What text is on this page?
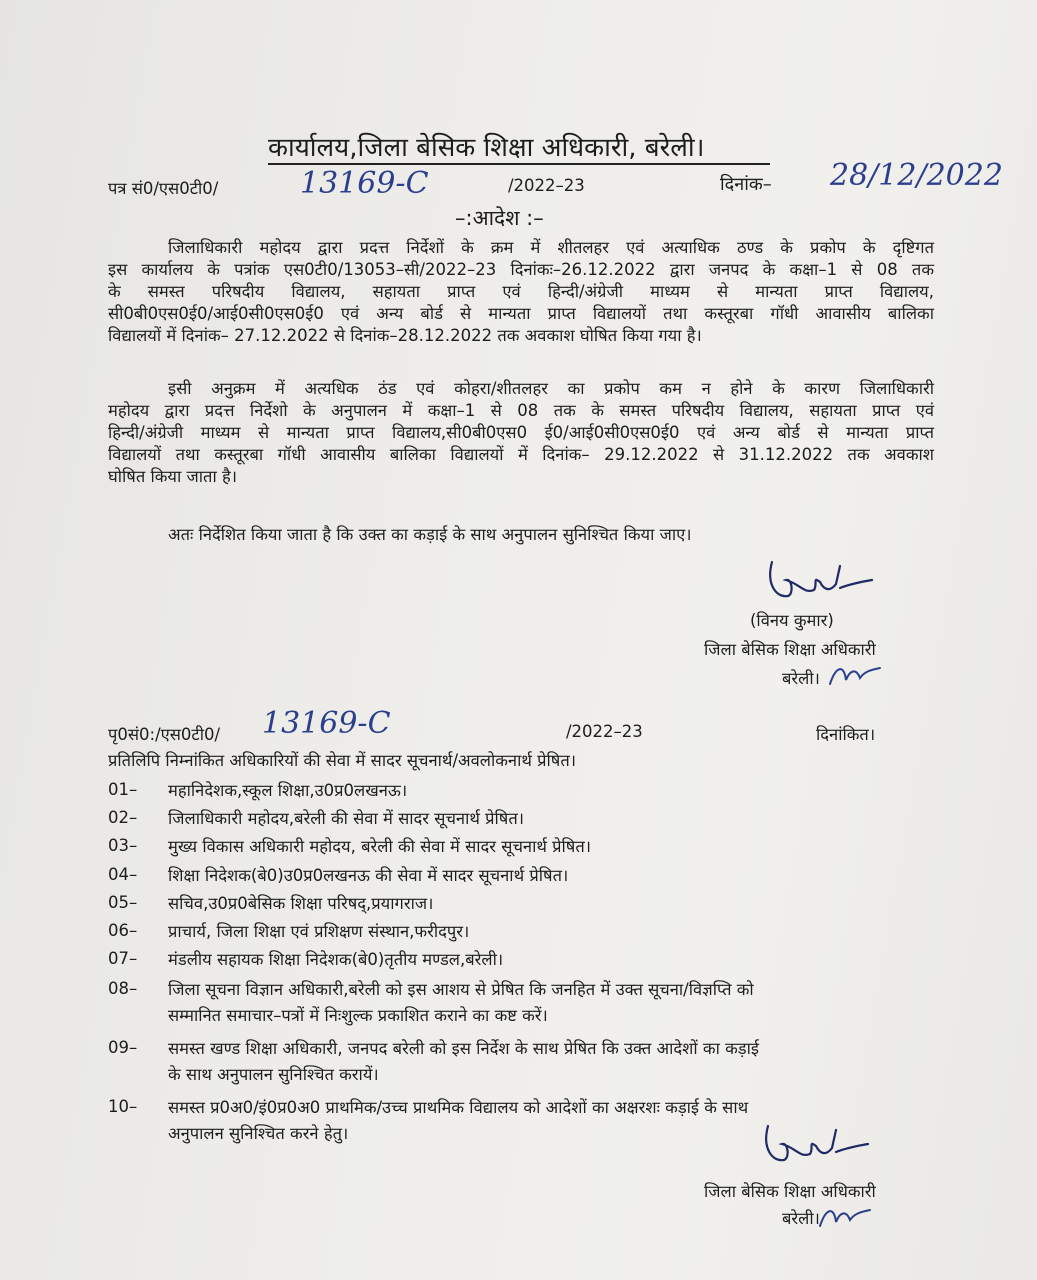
कार्यालय,जिला बेसिक शिक्षा अधिकारी, बरेली।
पत्र सं0/एस0टी0/	13169-C	/2022–23	दिनांक– 28/12/2022
–:आदेश :–
जिलाधिकारी महोदय द्वारा प्रदत्त निर्देशों के क्रम में शीतलहर एवं अत्याधिक ठण्ड के प्रकोप के दृष्टिगत
इस कार्यालय के पत्रांक एस0टी0/13053–सी/2022–23 दिनांकः–26.12.2022 द्वारा जनपद के कक्षा–1 से 08 तक
के समस्त परिषदीय विद्यालय, सहायता प्राप्त एवं हिन्दी/अंग्रेजी माध्यम से मान्यता प्राप्त विद्यालय,
सी0बी0एस0ई0/आई0सी0एस0ई0 एवं अन्य बोर्ड से मान्यता प्राप्त विद्यालयों तथा कस्तूरबा गॉधी आवासीय बालिका
विद्यालयों में दिनांक– 27.12.2022 से दिनांक–28.12.2022 तक अवकाश घोषित किया गया है।
इसी अनुक्रम में अत्यधिक ठंड एवं कोहरा/शीतलहर का प्रकोप कम न होने के कारण जिलाधिकारी
महोदय द्वारा प्रदत्त निर्देशो के अनुपालन में कक्षा–1 से 08 तक के समस्त परिषदीय विद्यालय, सहायता प्राप्त एवं
हिन्दी/अंग्रेजी माध्यम से मान्यता प्राप्त विद्यालय,सी0बी0एस0 ई0/आई0सी0एस0ई0 एवं अन्य बोर्ड से मान्यता प्राप्त
विद्यालयों तथा कस्तूरबा गॉधी आवासीय बालिका विद्यालयों में दिनांक– 29.12.2022 से 31.12.2022 तक अवकाश
घोषित किया जाता है।
अतः निर्देशित किया जाता है कि उक्त का कड़ाई के साथ अनुपालन सुनिश्चित किया जाए।
(विनय कुमार)
जिला बेसिक शिक्षा अधिकारी
बरेली।
पृ0सं0:/एस0टी0/ 13169-C	/2022–23	दिनांकित।
प्रतिलिपि निम्नांकित अधिकारियों की सेवा में सादर सूचनार्थ/अवलोकनार्थ प्रेषित।
01– महानिदेशक,स्कूल शिक्षा,उ0प्र0लखनऊ।
02– जिलाधिकारी महोदय,बरेली की सेवा में सादर सूचनार्थ प्रेषित।
03– मुख्य विकास अधिकारी महोदय, बरेली की सेवा में सादर सूचनार्थ प्रेषित।
04– शिक्षा निदेशक(बे0)उ0प्र0लखनऊ की सेवा में सादर सूचनार्थ प्रेषित।
05– सचिव,उ0प्र0बेसिक शिक्षा परिषद्,प्रयागराज।
06– प्राचार्य, जिला शिक्षा एवं प्रशिक्षण संस्थान,फरीदपुर।
07– मंडलीय सहायक शिक्षा निदेशक(बे0)तृतीय मण्डल,बरेली।
08– जिला सूचना विज्ञान अधिकारी,बरेली को इस आशय से प्रेषित कि जनहित में उक्त सूचना/विज्ञप्ति को
सम्मानित समाचार–पत्रों में निःशुल्क प्रकाशित कराने का कष्ट करें।
09– समस्त खण्ड शिक्षा अधिकारी, जनपद बरेली को इस निर्देश के साथ प्रेषित कि उक्त आदेशों का कड़ाई
के साथ अनुपालन सुनिश्चित करायें।
10– समस्त प्र0अ0/इं0प्र0अ0 प्राथमिक/उच्च प्राथमिक विद्यालय को आदेशों का अक्षरशः कड़ाई के साथ
अनुपालन सुनिश्चित करने हेतु।
जिला बेसिक शिक्षा अधिकारी
बरेली।
